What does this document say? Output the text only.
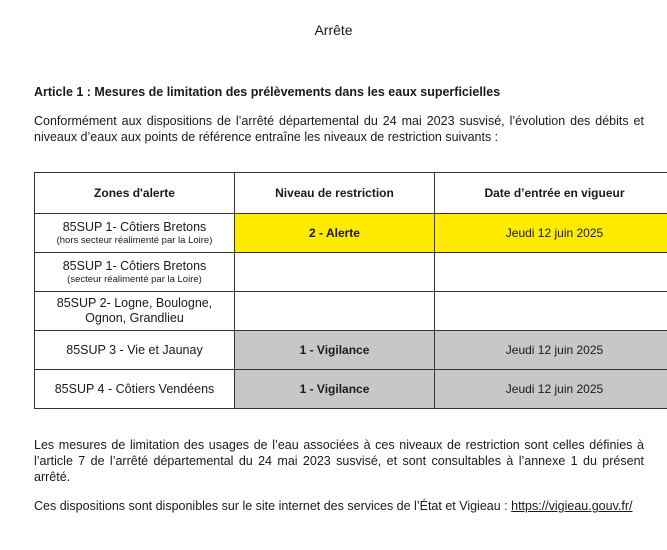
Arrête
Article 1 : Mesures de limitation des prélèvements dans les eaux superficielles
Conformément aux dispositions de l’arrêté départemental du 24 mai 2023 susvisé, l’évolution des débits et niveaux d’eaux aux points de référence entraîne les niveaux de restriction suivants :
Zones d'alerte	Niveau de restriction	Date d’entrée en vigueur

85SUP 1- Côtiers Bretons
(hors secteur réalimenté par la Loire)	2 - Alerte	Jeudi 12 juin 2025

85SUP 1- Côtiers Bretons
(secteur réalimenté par la Loire)		

85SUP 2- Logne, Boulogne, Ognon, Grandlieu		

85SUP 3 - Vie et Jaunay	1 - Vigilance	Jeudi 12 juin 2025

85SUP 4 - Côtiers Vendéens	1 - Vigilance	Jeudi 12 juin 2025
Les mesures de limitation des usages de l’eau associées à ces niveaux de restriction sont celles définies à l’article 7 de l’arrêté départemental du 24 mai 2023 susvisé, et sont consultables à l’annexe 1 du présent arrêté.
Ces dispositions sont disponibles sur le site internet des services de l’État et Vigieau : https://vigieau.gouv.fr/
